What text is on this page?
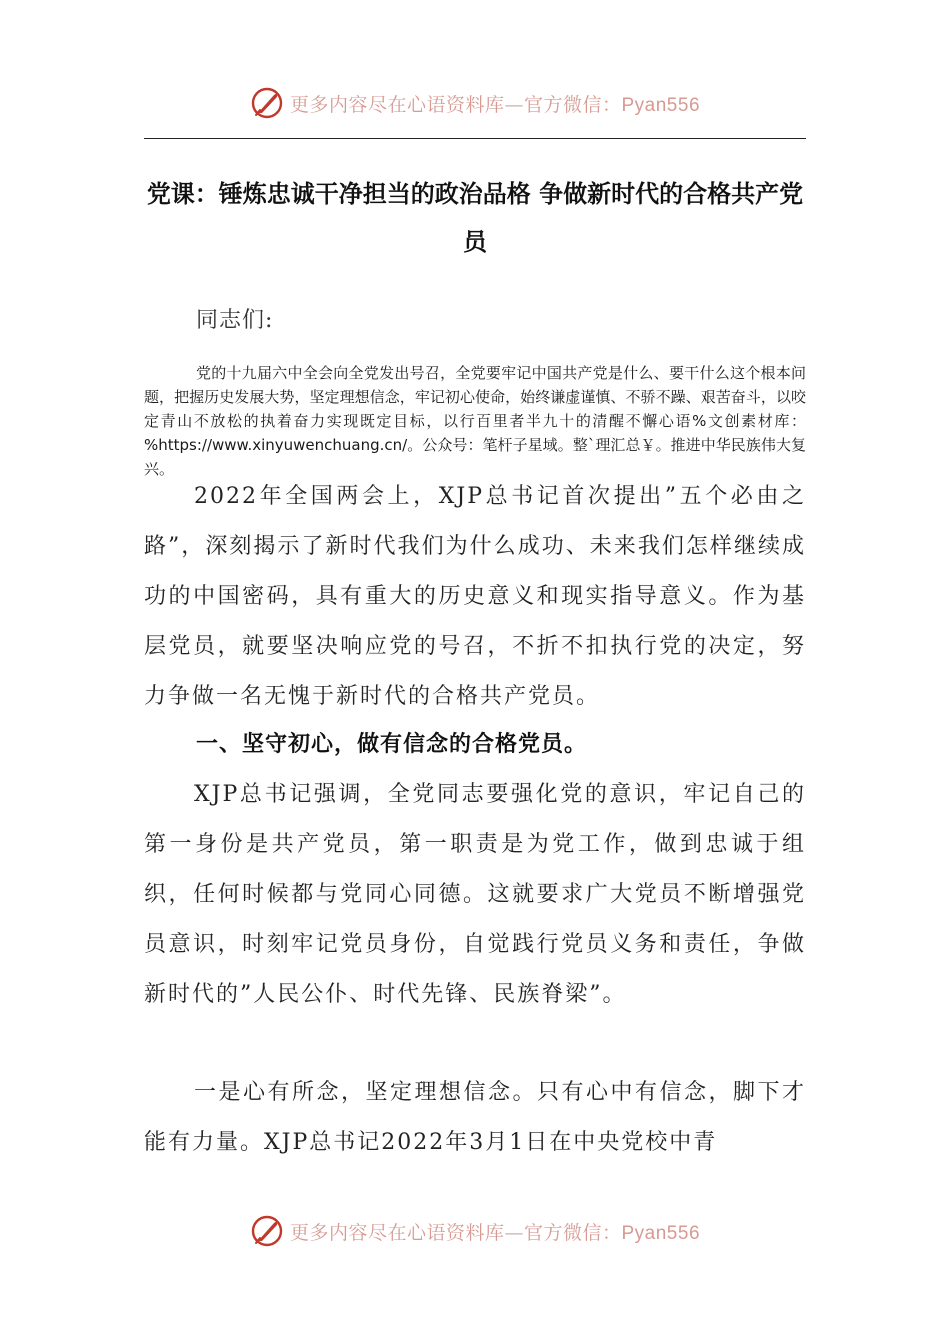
更多内容尽在心语资料库—官方微信：Pyan556
党课：锤炼忠诚干净担当的政治品格 争做新时代的合格共产党员
同志们:

党的十九届六中全会向全党发出号召，全党要牢记中国共产党是什么、要干什么这个根本问题，把握历史发展大势，坚定理想信念，牢记初心使命，始终谦虚谨慎、不骄不躁、艰苦奋斗，以咬定青山不放松的执着奋力实现既定目标，以行百里者半九十的清醒不懈心语%文创素材库：%https://www.xinyuwenchuang.cn/。公众号：笔杆子星域。整`理汇总￥。推进中华民族伟大复兴。

2022年全国两会上，XJP总书记首次提出”五个必由之路”，深刻揭示了新时代我们为什么成功、未来我们怎样继续成功的中国密码，具有重大的历史意义和现实指导意义。作为基层党员，就要坚决响应党的号召，不折不扣执行党的决定，努力争做一名无愧于新时代的合格共产党员。

一、坚守初心，做有信念的合格党员。

XJP总书记强调，全党同志要强化党的意识，牢记自己的第一身份是共产党员，第一职责是为党工作，做到忠诚于组织，任何时候都与党同心同德。这就要求广大党员不断增强党员意识，时刻牢记党员身份，自觉践行党员义务和责任，争做新时代的”人民公仆、时代先锋、民族脊梁”。

一是心有所念，坚定理想信念。只有心中有信念，脚下才能有力量。XJP总书记2022年3月1日在中央党校中青

更多内容尽在心语资料库—官方微信：Pyan556
